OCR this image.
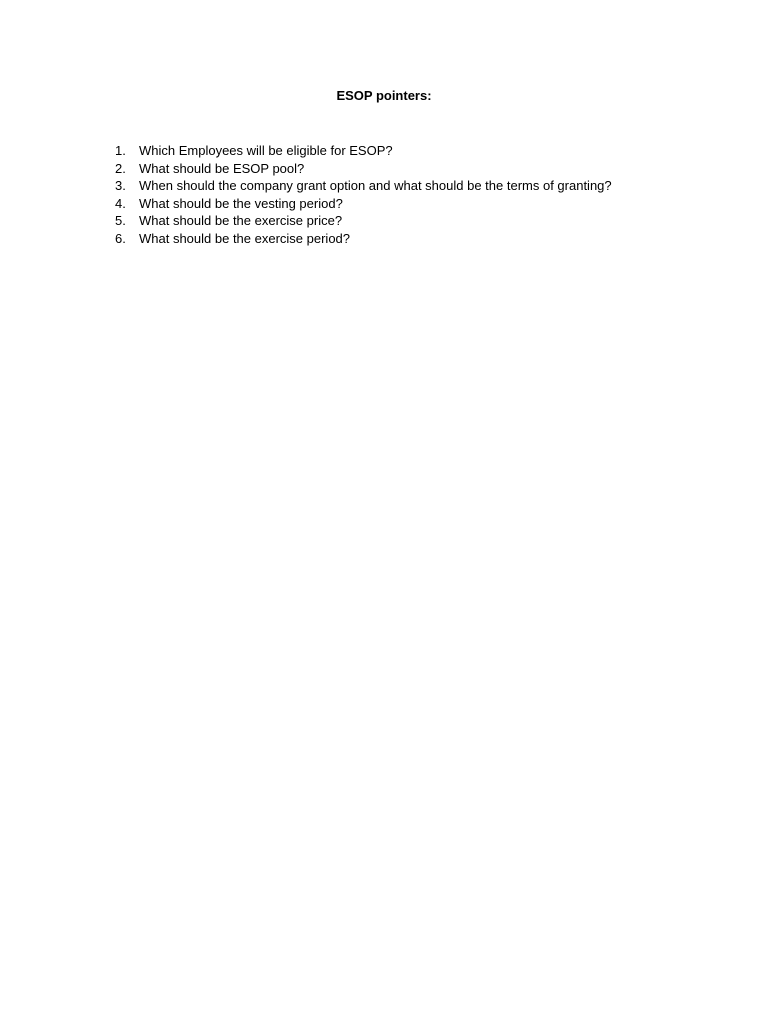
ESOP pointers:
1.	Which Employees will be eligible for ESOP?
2.	What should be ESOP pool?
3.	When should the company grant option and what should be the terms of granting?
4.	What should be the vesting period?
5.	What should be the exercise price?
6.	What should be the exercise period?
